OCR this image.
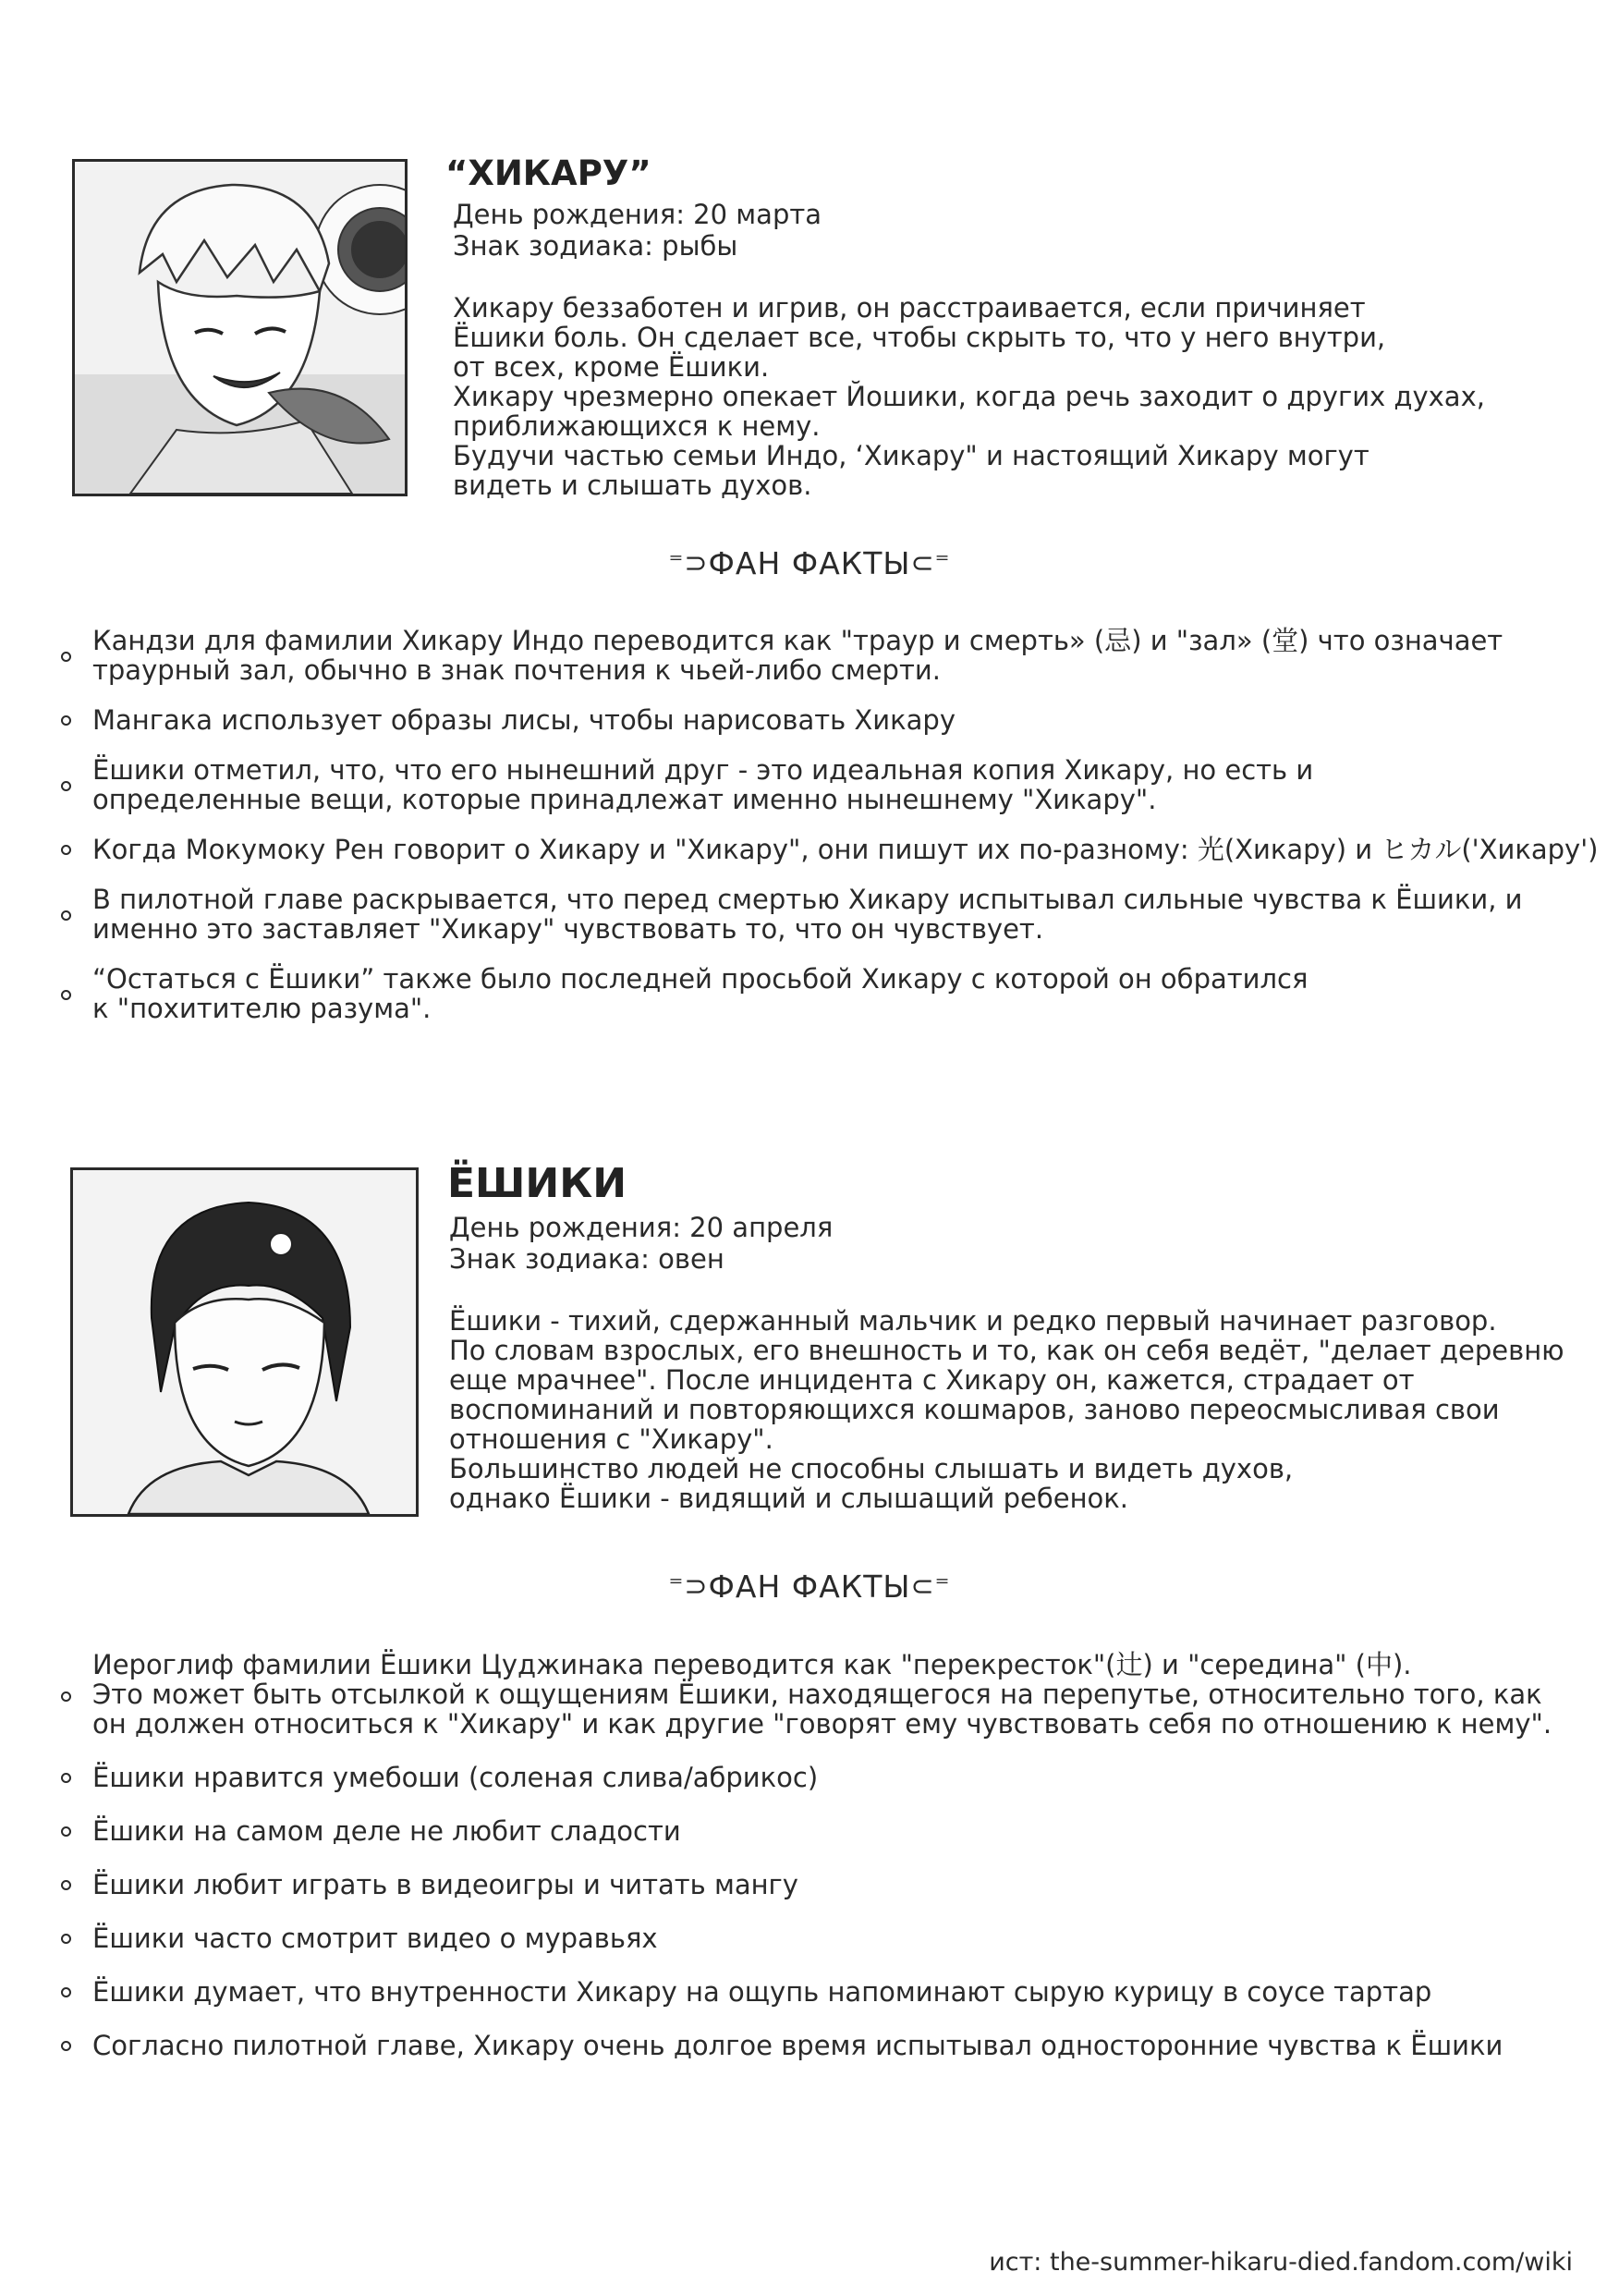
“ХИКАРУ”
День рождения: 20 марта
Знак зодиака: рыбы
Хикару беззаботен и игрив, он расстраивается, если причиняет
Ёшики боль. Он сделает все, чтобы скрыть то, что у него внутри,
от всех, кроме Ёшики.
Хикару чрезмерно опекает Йошики, когда речь заходит о других духах,
приближающихся к нему.
Будучи частью семьи Индо, ‘Хикару" и настоящий Хикару могут
видеть и слышать духов.
⁼⊃ФАН ФАКТЫ⊂⁼
Кандзи для фамилии Хикару Индо переводится как "траур и смерть» (忌) и "зал» (堂) что означает
траурный зал, обычно в знак почтения к чьей-либо смерти.
Мангака использует образы лисы, чтобы нарисовать Хикару
Ёшики отметил, что, что его нынешний друг - это идеальная копия Хикару, но есть и
определенные вещи, которые принадлежат именно нынешнему "Хикару".
Когда Мокумоку Рен говорит о Хикару и "Хикару", они пишут их по-разному: 光(Хикару) и ヒカル('Хикару')
В пилотной главе раскрывается, что перед смертью Хикару испытывал сильные чувства к Ёшики, и
именно это заставляет "Хикару" чувствовать то, что он чувствует.
“Остаться с Ёшики” также было последней просьбой Хикару с которой он обратился
к "похитителю разума".
ЁШИКИ
День рождения: 20 апреля
Знак зодиака: овен
Ёшики - тихий, сдержанный мальчик и редко первый начинает разговор.
По словам взрослых, его внешность и то, как он себя ведёт, "делает деревню
еще мрачнее". После инцидента с Хикару он, кажется, страдает от
воспоминаний и повторяющихся кошмаров, заново переосмысливая свои
отношения с "Хикару".
Большинство людей не способны слышать и видеть духов,
однако Ёшики - видящий и слышащий ребенок.
⁼⊃ФАН ФАКТЫ⊂⁼
Иероглиф фамилии Ёшики Цуджинака переводится как "перекресток"(辻) и "середина" (中).
Это может быть отсылкой к ощущениям Ёшики, находящегося на перепутье, относительно того, как
он должен относиться к "Хикару" и как другие "говорят ему чувствовать себя по отношению к нему".
Ёшики нравится умебоши (соленая слива/абрикос)
Ёшики на самом деле не любит сладости
Ёшики любит играть в видеоигры и читать мангу
Ёшики часто смотрит видео о муравьях
Ёшики думает, что внутренности Хикару на ощупь напоминают сырую курицу в соусе тартар
Согласно пилотной главе, Хикару очень долгое время испытывал односторонние чувства к Ёшики
ист: the-summer-hikaru-died.fandom.com/wiki
